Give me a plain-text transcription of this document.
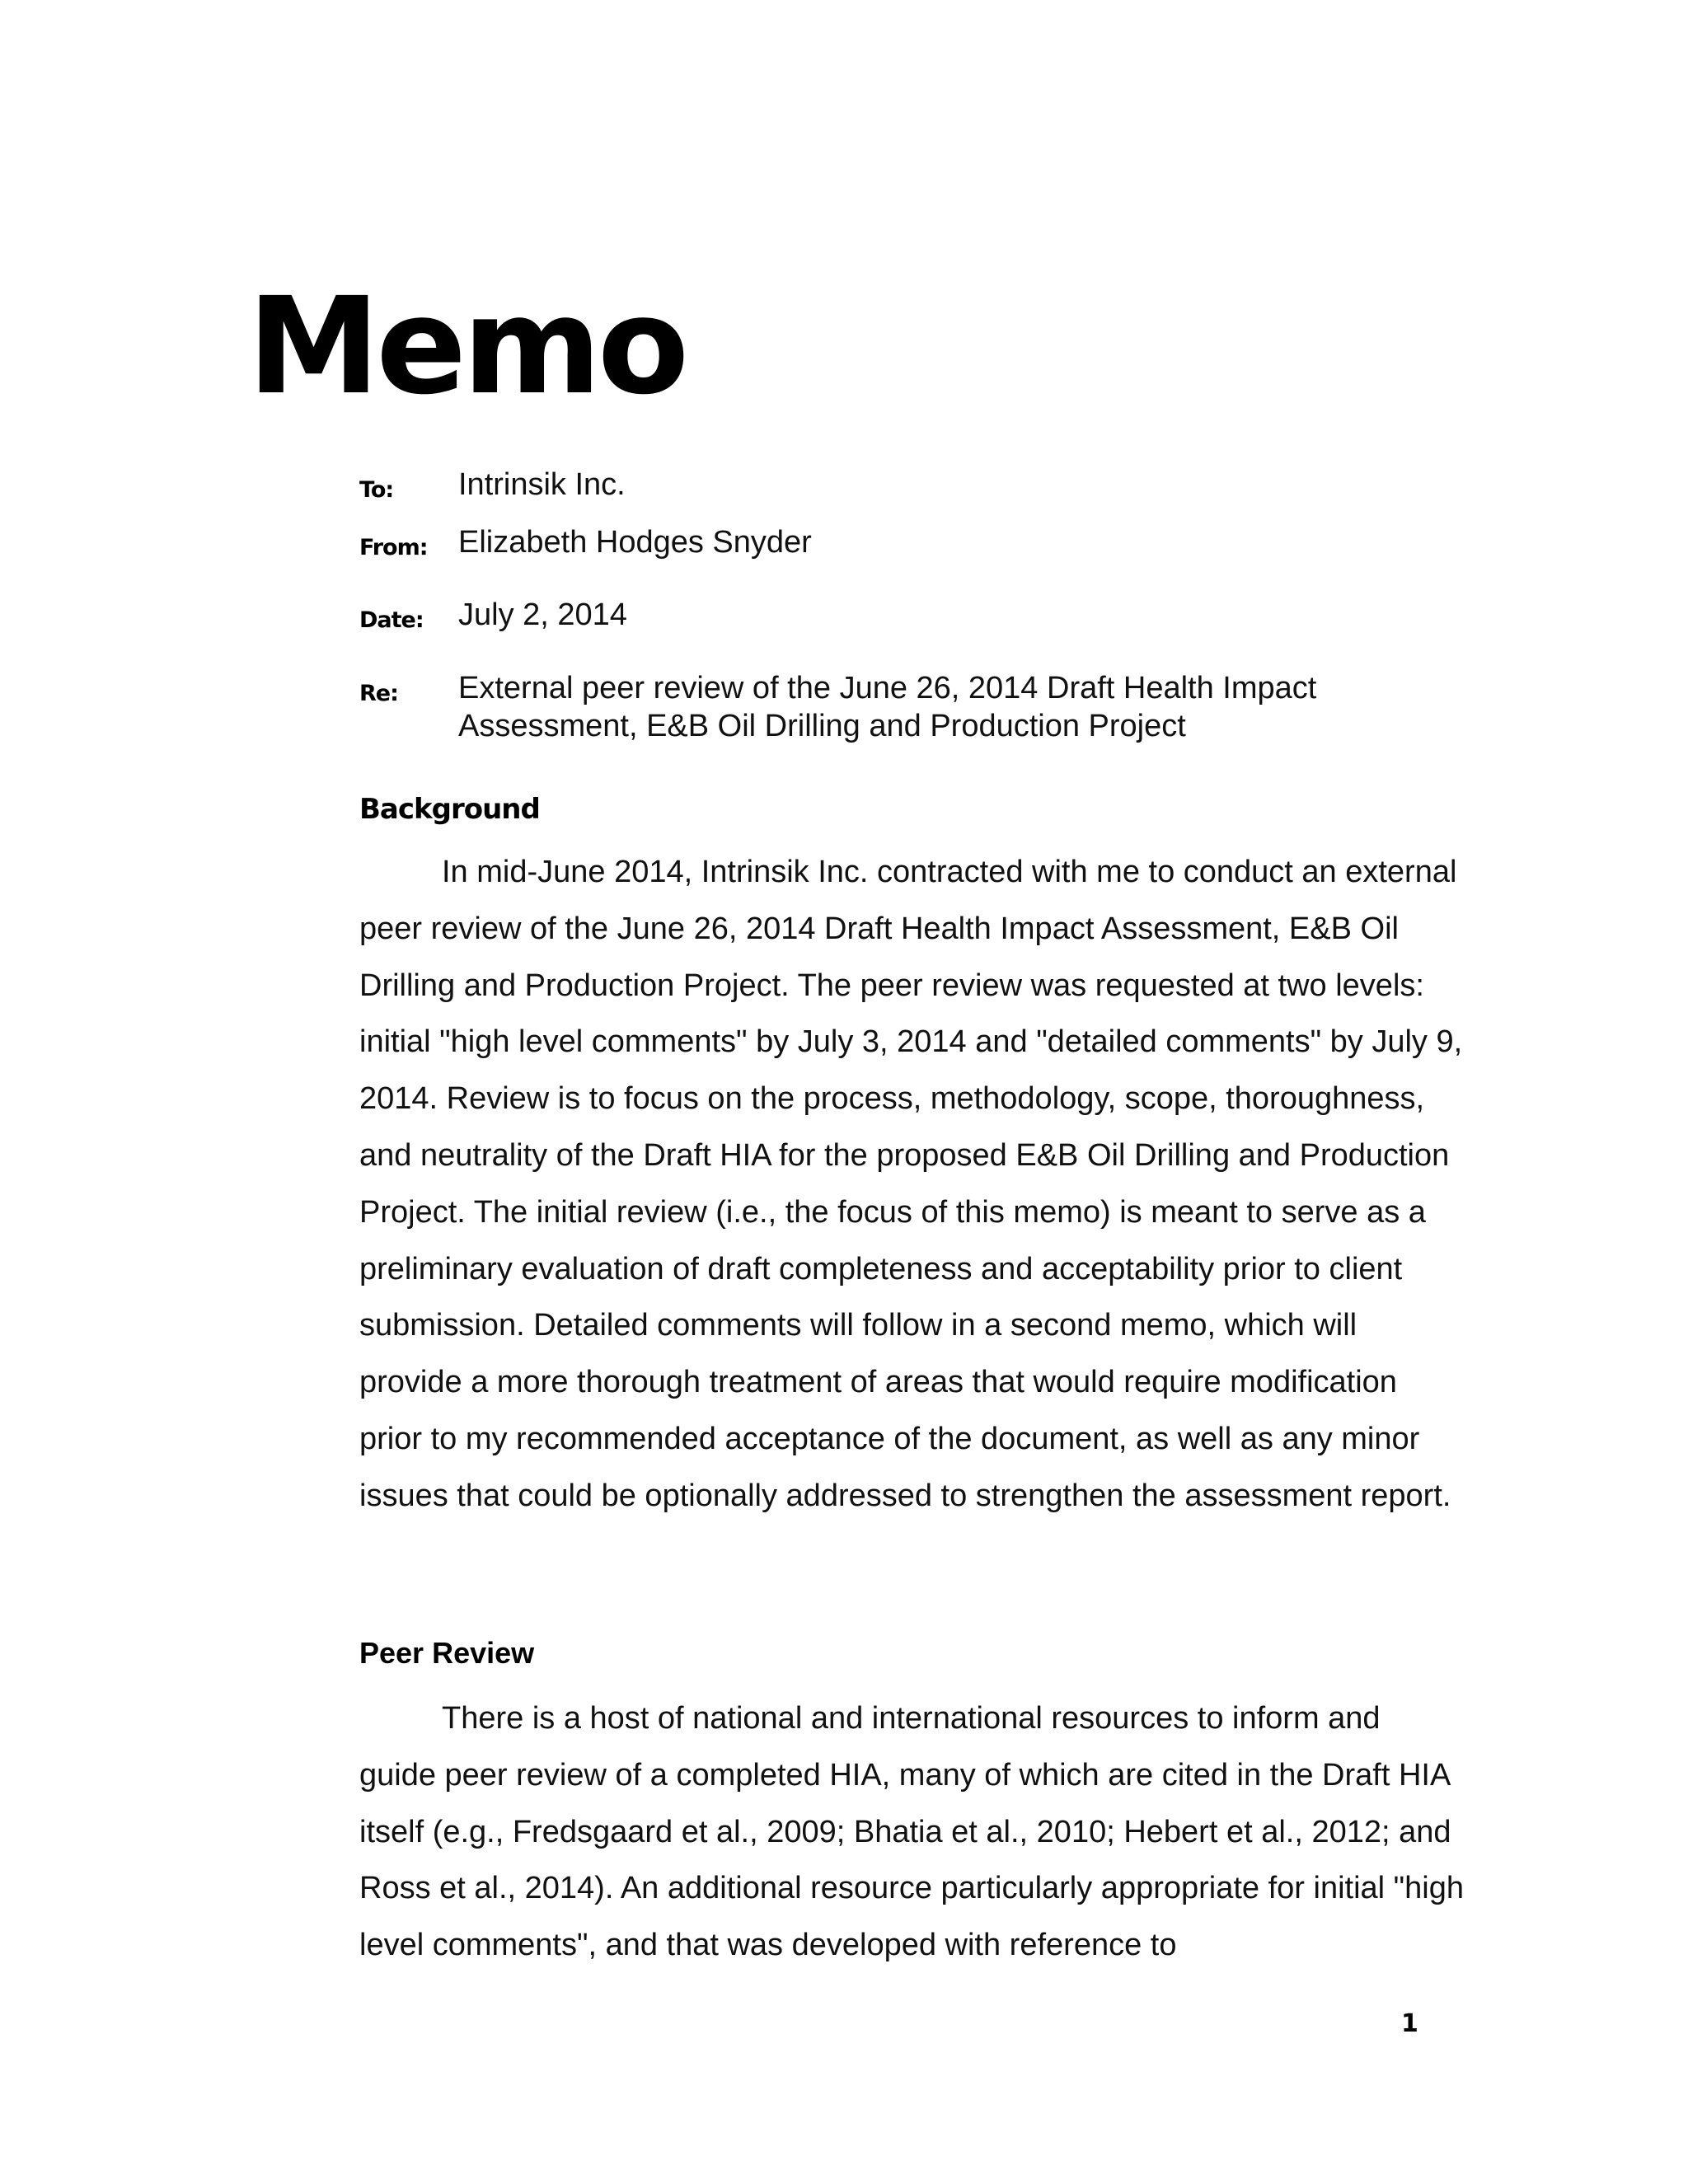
Memo
To: Intrinsik Inc.
From: Elizabeth Hodges Snyder
Date: July 2, 2014
Re: External peer review of the June 26, 2014 Draft Health Impact Assessment, E&B Oil Drilling and Production Project
Background

In mid-June 2014, Intrinsik Inc. contracted with me to conduct an external peer review of the June 26, 2014 Draft Health Impact Assessment, E&B Oil Drilling and Production Project. The peer review was requested at two levels: initial "high level comments" by July 3, 2014 and "detailed comments" by July 9, 2014. Review is to focus on the process, methodology, scope, thoroughness, and neutrality of the Draft HIA for the proposed E&B Oil Drilling and Production Project. The initial review (i.e., the focus of this memo) is meant to serve as a preliminary evaluation of draft completeness and acceptability prior to client submission. Detailed comments will follow in a second memo, which will provide a more thorough treatment of areas that would require modification prior to my recommended acceptance of the document, as well as any minor issues that could be optionally addressed to strengthen the assessment report.

Peer Review

There is a host of national and international resources to inform and guide peer review of a completed HIA, many of which are cited in the Draft HIA itself (e.g., Fredsgaard et al., 2009; Bhatia et al., 2010; Hebert et al., 2012; and Ross et al., 2014). An additional resource particularly appropriate for initial "high level comments", and that was developed with reference to

1
